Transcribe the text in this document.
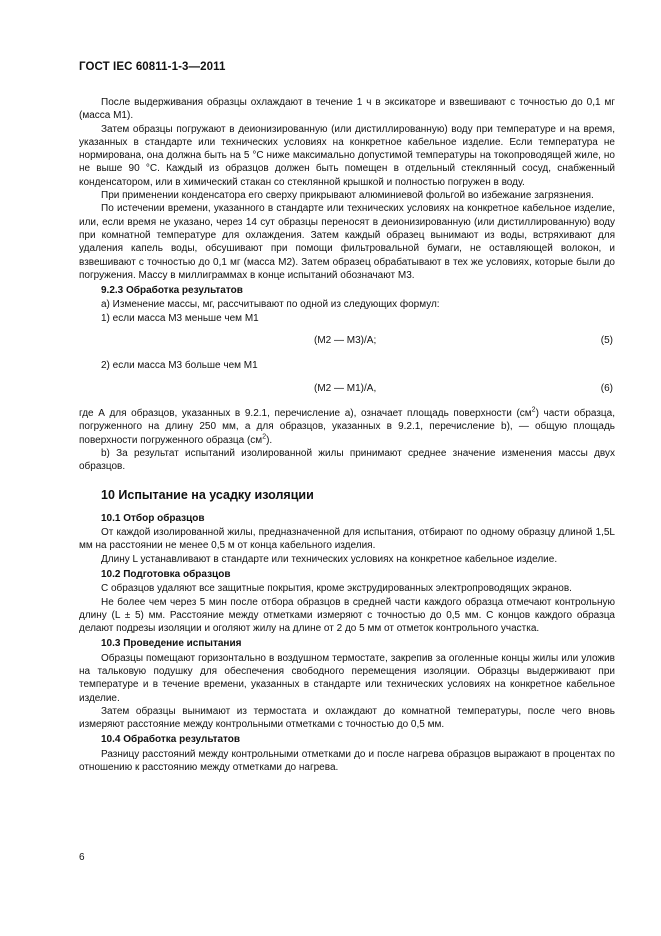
ГОСТ IEC 60811-1-3—2011

После выдерживания образцы охлаждают в течение 1 ч в эксикаторе и взвешивают с точностью до 0,1 мг (масса М1).

Затем образцы погружают в деионизированную (или дистиллированную) воду при температуре и на время, указанных в стандарте или технических условиях на конкретное кабельное изделие. Если температура не нормирована, она должна быть на 5 °С ниже максимально допустимой температуры на токопроводящей жиле, но не выше 90 °С. Каждый из образцов должен быть помещен в отдельный стеклянный сосуд, снабженный конденсатором, или в химический стакан со стеклянной крышкой и полностью погружен в воду.

При применении конденсатора его сверху прикрывают алюминиевой фольгой во избежание загрязнения.

По истечении времени, указанного в стандарте или технических условиях на конкретное кабельное изделие, или, если время не указано, через 14 сут образцы переносят в деионизированную (или дистиллированную) воду при комнатной температуре для охлаждения. Затем каждый образец вынимают из воды, встряхивают для удаления капель воды, обсушивают при помощи фильтровальной бумаги, не оставляющей волокон, и взвешивают с точностью до 0,1 мг (масса М2). Затем образец обрабатывают в тех же условиях, которые были до погружения. Массу в миллиграммах в конце испытаний обозначают М3.

9.2.3 Обработка результатов
а) Изменение массы, мг, рассчитывают по одной из следующих формул:
1) если масса М3 меньше чем М1
(М2 — М3)/А;	(5)
2) если масса М3 больше чем М1
(М2 — М1)/А,	(6)

где А для образцов, указанных в 9.2.1, перечисление а), означает площадь поверхности $(см^2)$ части образца, погруженного на длину 250 мм, а для образцов, указанных в 9.2.1, перечисление b), — общую площадь поверхности погруженного образца $(см^2)$.

b) За результат испытаний изолированной жилы принимают среднее значение изменения массы двух образцов.

10 Испытание на усадку изоляции
10.1 Отбор образцов

От каждой изолированной жилы, предназначенной для испытания, отбирают по одному образцу длиной 1,5L мм на расстоянии не менее 0,5 м от конца кабельного изделия.

Длину L устанавливают в стандарте или технических условиях на конкретное кабельное изделие.

10.2 Подготовка образцов

С образцов удаляют все защитные покрытия, кроме экструдированных электропроводящих экранов.

Не более чем через 5 мин после отбора образцов в средней части каждого образца отмечают контрольную длину (L ± 5) мм. Расстояние между отметками измеряют с точностью до 0,5 мм. С концов каждого образца делают подрезы изоляции и оголяют жилу на длине от 2 до 5 мм от отметок контрольного участка.

10.3 Проведение испытания

Образцы помещают горизонтально в воздушном термостате, закрепив за оголенные концы жилы или уложив на тальковую подушку для обеспечения свободного перемещения изоляции. Образцы выдерживают при температуре и в течение времени, указанных в стандарте или технических условиях на конкретное кабельное изделие.

Затем образцы вынимают из термостата и охлаждают до комнатной температуры, после чего вновь измеряют расстояние между контрольными отметками с точностью до 0,5 мм.

10.4 Обработка результатов

Разницу расстояний между контрольными отметками до и после нагрева образцов выражают в процентах по отношению к расстоянию между отметками до нагрева.

6
